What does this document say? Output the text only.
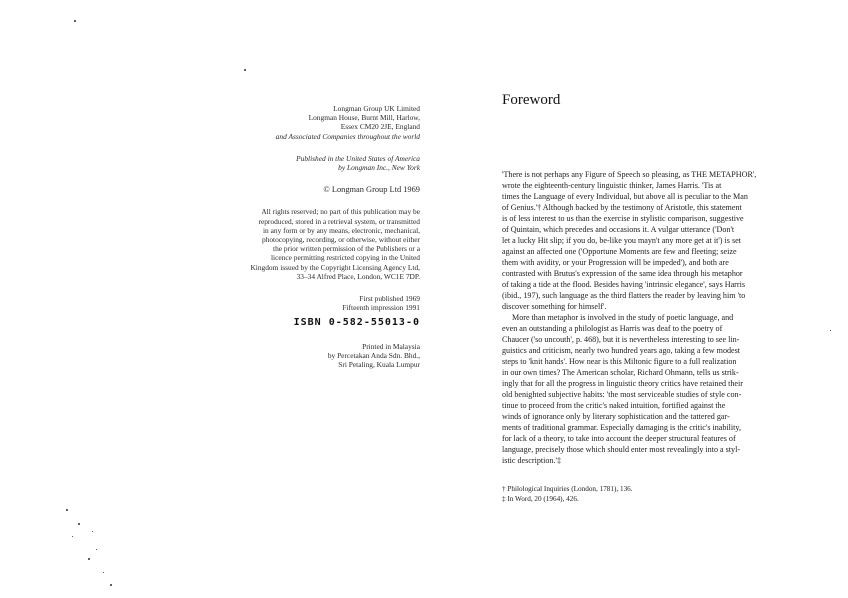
Longman Group UK Limited
Longman House, Burnt Mill, Harlow,
Essex CM20 2JE, England
and Associated Companies throughout the world
Published in the United States of America
by Longman Inc., New York
© Longman Group Ltd 1969
All rights reserved; no part of this publication may be
reproduced, stored in a retrieval system, or transmitted
in any form or by any means, electronic, mechanical,
photocopying, recording, or otherwise, without either
the prior written permission of the Publishers or a
licence permitting restricted copying in the United
Kingdom issued by the Copyright Licensing Agency Ltd,
33–34 Alfred Place, London, WC1E 7DP.
First published 1969
Fifteenth impression 1991
ISBN 0-582-55013-0
Printed in Malaysia
by Percetakan Anda Sdn. Bhd.,
Sri Petaling, Kuala Lumpur
Foreword
'There is not perhaps any Figure of Speech so pleasing, as THE METAPHOR',
wrote the eighteenth-century linguistic thinker, James Harris. 'Tis at
times the Language of every Individual, but above all is peculiar to the Man
of Genius.'† Although backed by the testimony of Aristotle, this statement
is of less interest to us than the exercise in stylistic comparison, suggestive
of Quintain, which precedes and occasions it. A vulgar utterance ('Don't
let a lucky Hit slip; if you do, be-like you mayn't any more get at it') is set
against an affected one ('Opportune Moments are few and fleeting; seize
them with avidity, or your Progression will be impeded'), and both are
contrasted with Brutus's expression of the same idea through his metaphor
of taking a tide at the flood. Besides having 'intrinsic elegance', says Harris
(ibid., 197), such language as the third flatters the reader by leaving him 'to
discover something for himself'.
More than metaphor is involved in the study of poetic language, and
even an outstanding a philologist as Harris was deaf to the poetry of
Chaucer ('so uncouth', p. 468), but it is nevertheless interesting to see lin-
guistics and criticism, nearly two hundred years ago, taking a few modest
steps to 'knit hands'. How near is this Miltonic figure to a full realization
in our own times? The American scholar, Richard Ohmann, tells us strik-
ingly that for all the progress in linguistic theory critics have retained their
old benighted subjective habits: 'the most serviceable studies of style con-
tinue to proceed from the critic's naked intuition, fortified against the
winds of ignorance only by literary sophistication and the tattered gar-
ments of traditional grammar. Especially damaging is the critic's inability,
for lack of a theory, to take into account the deeper structural features of
language, precisely those which should enter most revealingly into a styl-
istic description.'‡
† Philological Inquiries (London, 1781), 136.
‡ In Word, 20 (1964), 426.
